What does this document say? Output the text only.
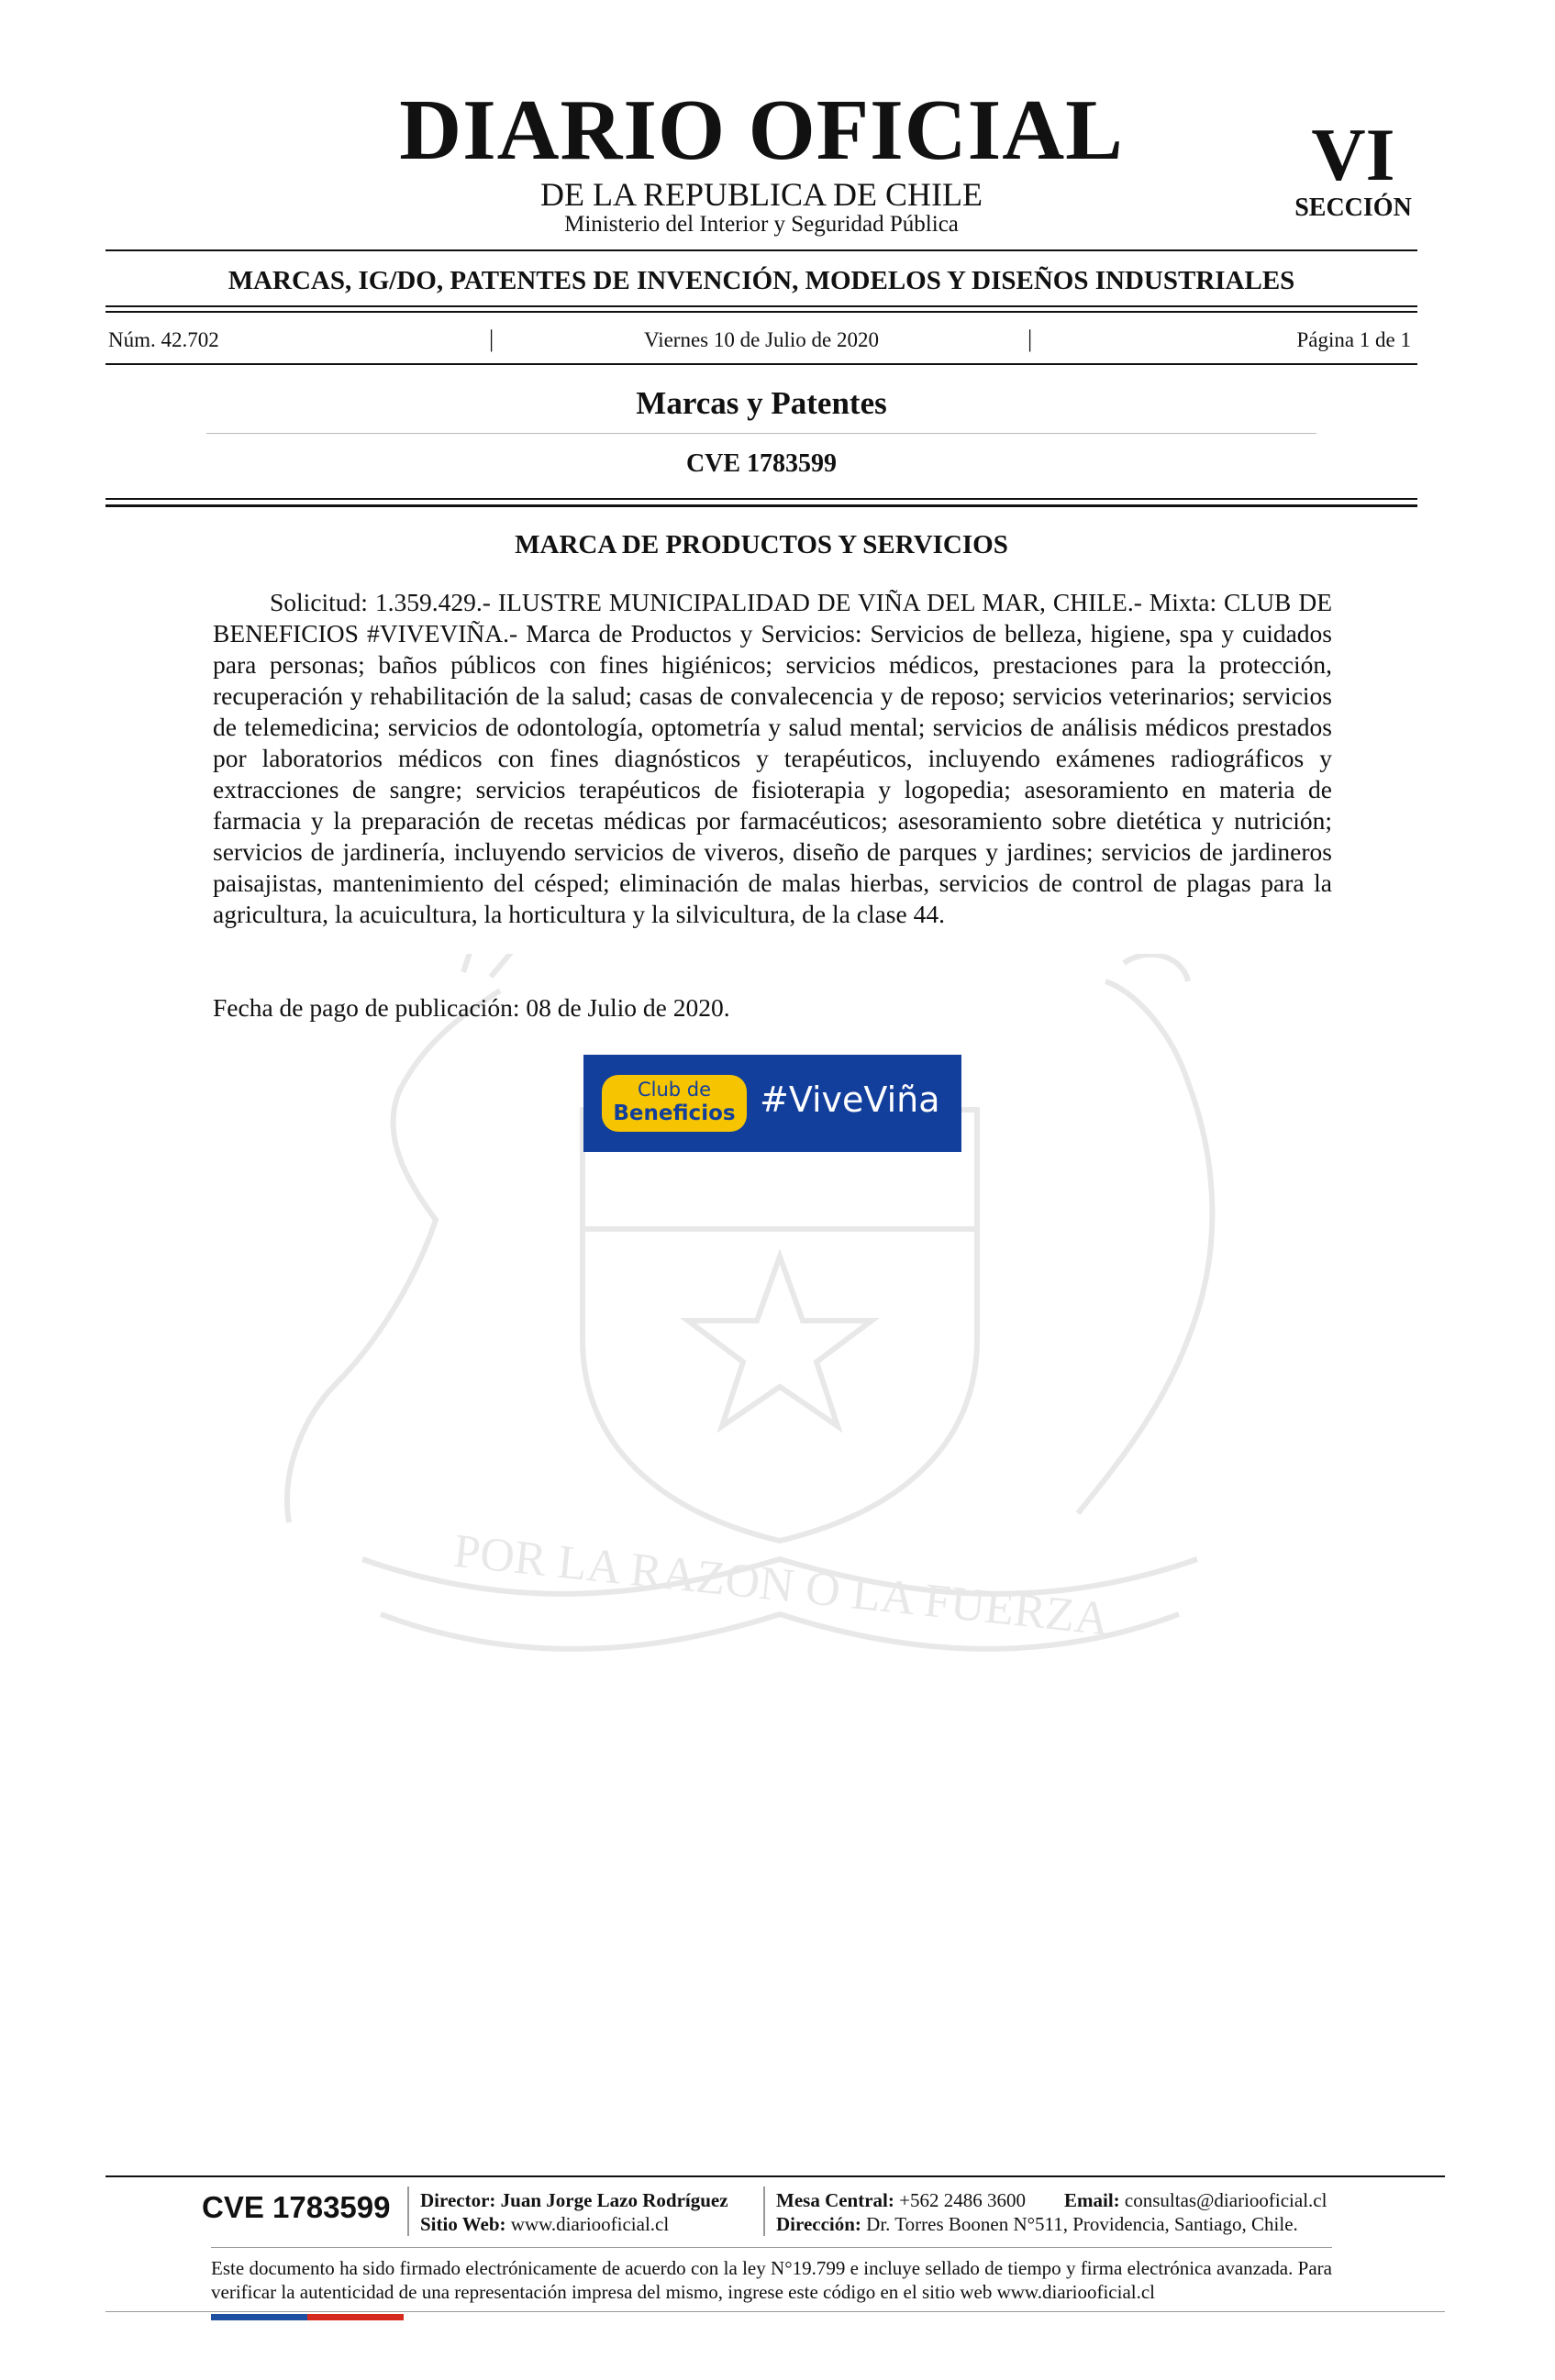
POR LA RAZON O LA FUERZA
DIARIO OFICIAL
DE LA REPUBLICA DE CHILE
Ministerio del Interior y Seguridad Pública
VI
SECCIÓN
MARCAS, IG/DO, PATENTES DE INVENCIÓN, MODELOS Y DISEÑOS INDUSTRIALES
Núm. 42.702	|	Viernes 10 de Julio de 2020	|	Página 1 de 1
Marcas y Patentes
CVE 1783599
MARCA DE PRODUCTOS Y SERVICIOS
Solicitud: 1.359.429.- ILUSTRE MUNICIPALIDAD DE VIÑA DEL MAR, CHILE.- Mixta: CLUB DE BENEFICIOS #VIVEVIÑA.- Marca de Productos y Servicios: Servicios de belleza, higiene, spa y cuidados para personas; baños públicos con fines higiénicos; servicios médicos, prestaciones para la protección, recuperación y rehabilitación de la salud; casas de convalecencia y de reposo; servicios veterinarios; servicios de telemedicina; servicios de odontología, optometría y salud mental; servicios de análisis médicos prestados por laboratorios médicos con fines diagnósticos y terapéuticos, incluyendo exámenes radiográficos y extracciones de sangre; servicios terapéuticos de fisioterapia y logopedia; asesoramiento en materia de farmacia y la preparación de recetas médicas por farmacéuticos; asesoramiento sobre dietética y nutrición; servicios de jardinería, incluyendo servicios de viveros, diseño de parques y jardines; servicios de jardineros paisajistas, mantenimiento del césped; eliminación de malas hierbas, servicios de control de plagas para la agricultura, la acuicultura, la horticultura y la silvicultura, de la clase 44.
Fecha de pago de publicación: 08 de Julio de 2020.
Club de
Beneficios #ViveViña
CVE 1783599 Director: Juan Jorge Lazo Rodríguez
Sitio Web: www.diariooficial.cl
Mesa Central: +562 2486 3600
Dirección: Dr. Torres Boonen N°511, Providencia, Santiago, Chile.
Email: consultas@diariooficial.cl
Este documento ha sido firmado electrónicamente de acuerdo con la ley N°19.799 e incluye sellado de tiempo y firma electrónica avanzada. Para verificar la autenticidad de una representación impresa del mismo, ingrese este código en el sitio web www.diariooficial.cl
